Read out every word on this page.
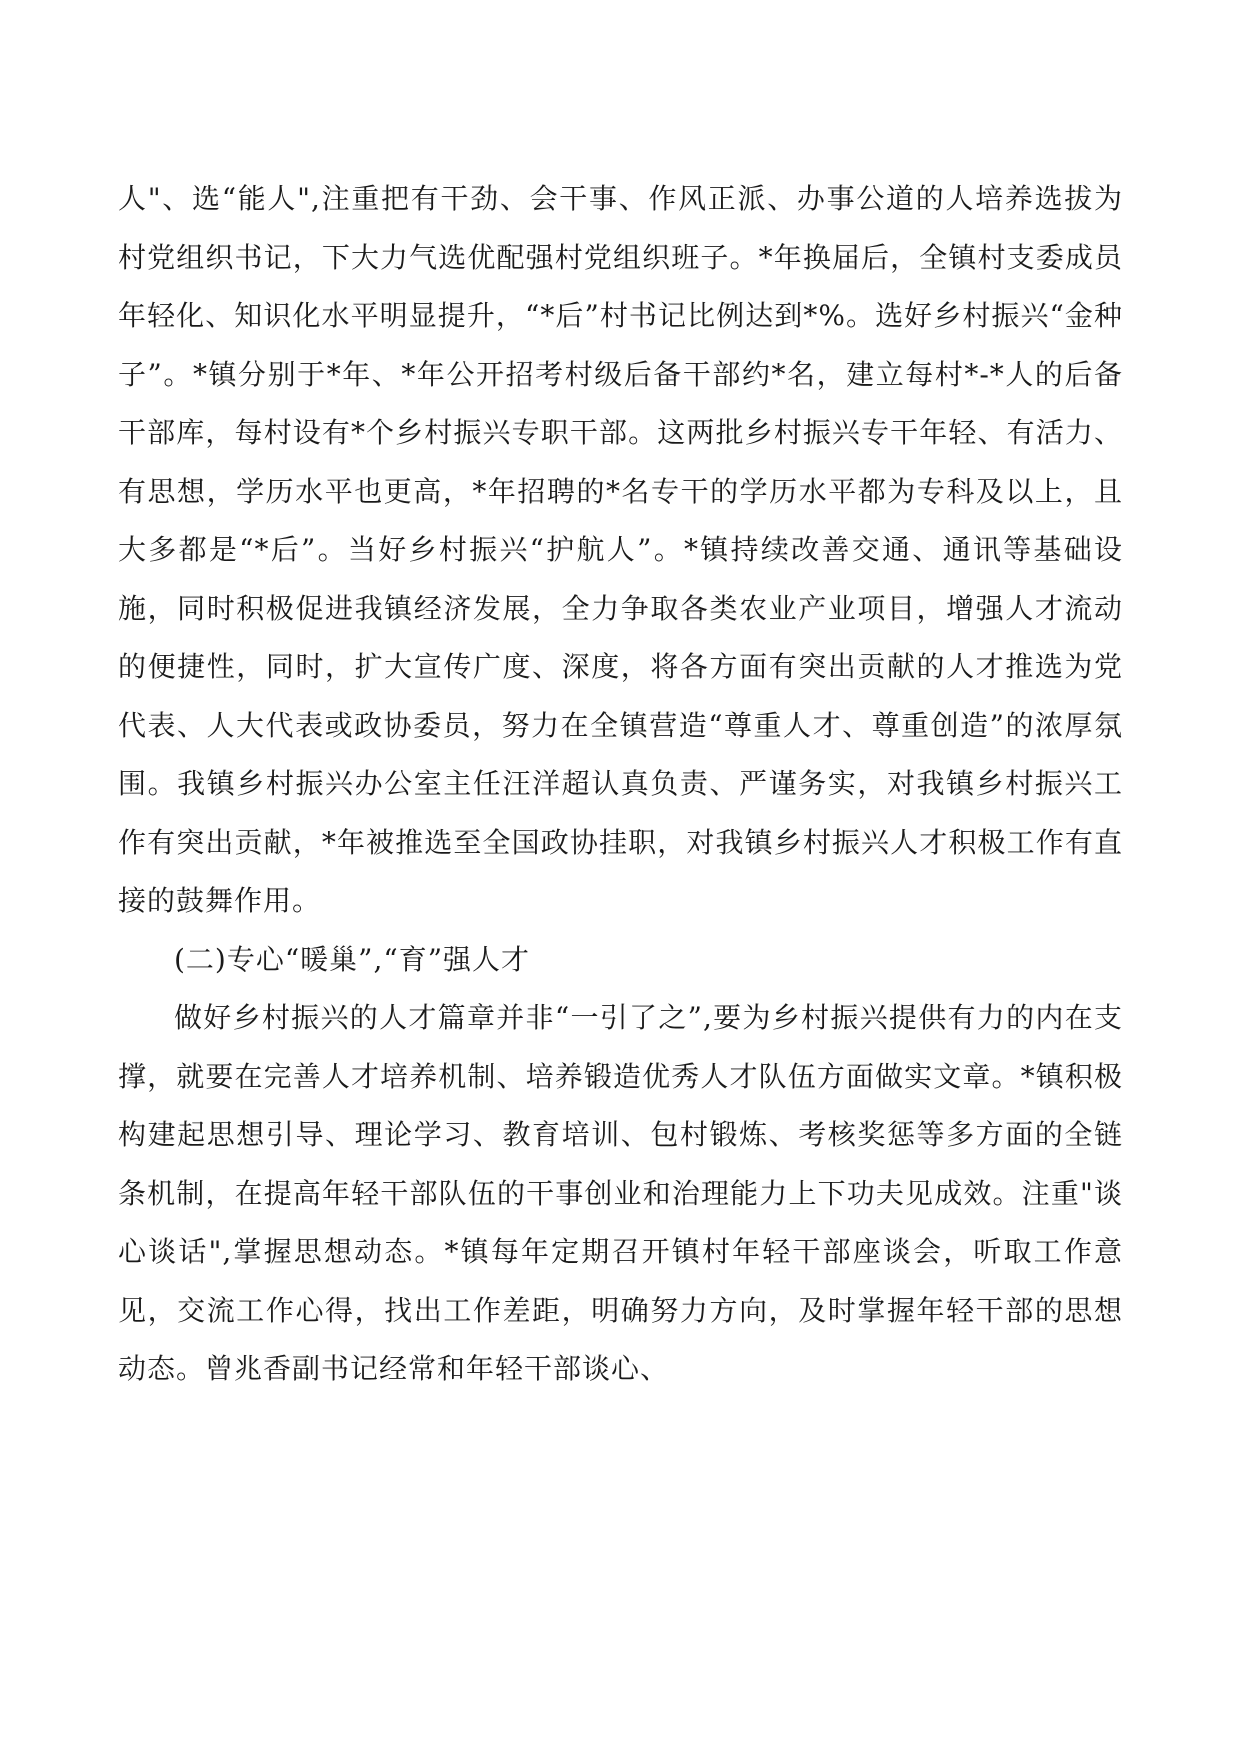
人"、选“能人",注重把有干劲、会干事、作风正派、办事公道的人培养选拔为村党组织书记，下大力气选优配强村党组织班子。*年换届后，全镇村支委成员年轻化、知识化水平明显提升，“*后”村书记比例达到*%。选好乡村振兴“金种子”。*镇分别于*年、*年公开招考村级后备干部约*名，建立每村*-*人的后备干部库，每村设有*个乡村振兴专职干部。这两批乡村振兴专干年轻、有活力、有思想，学历水平也更高，*年招聘的*名专干的学历水平都为专科及以上，且大多都是“*后”。当好乡村振兴“护航人”。*镇持续改善交通、通讯等基础设施，同时积极促进我镇经济发展，全力争取各类农业产业项目，增强人才流动的便捷性，同时，扩大宣传广度、深度，将各方面有突出贡献的人才推选为党代表、人大代表或政协委员，努力在全镇营造“尊重人才、尊重创造”的浓厚氛围。我镇乡村振兴办公室主任汪洋超认真负责、严谨务实，对我镇乡村振兴工作有突出贡献，*年被推选至全国政协挂职，对我镇乡村振兴人才积极工作有直接的鼓舞作用。

(二)专心“暖巢”,“育”强人才

做好乡村振兴的人才篇章并非“一引了之”,要为乡村振兴提供有力的内在支撑，就要在完善人才培养机制、培养锻造优秀人才队伍方面做实文章。*镇积极构建起思想引导、理论学习、教育培训、包村锻炼、考核奖惩等多方面的全链条机制，在提高年轻干部队伍的干事创业和治理能力上下功夫见成效。注重"谈心谈话",掌握思想动态。*镇每年定期召开镇村年轻干部座谈会，听取工作意见，交流工作心得，找出工作差距，明确努力方向，及时掌握年轻干部的思想动态。曾兆香副书记经常和年轻干部谈心、
